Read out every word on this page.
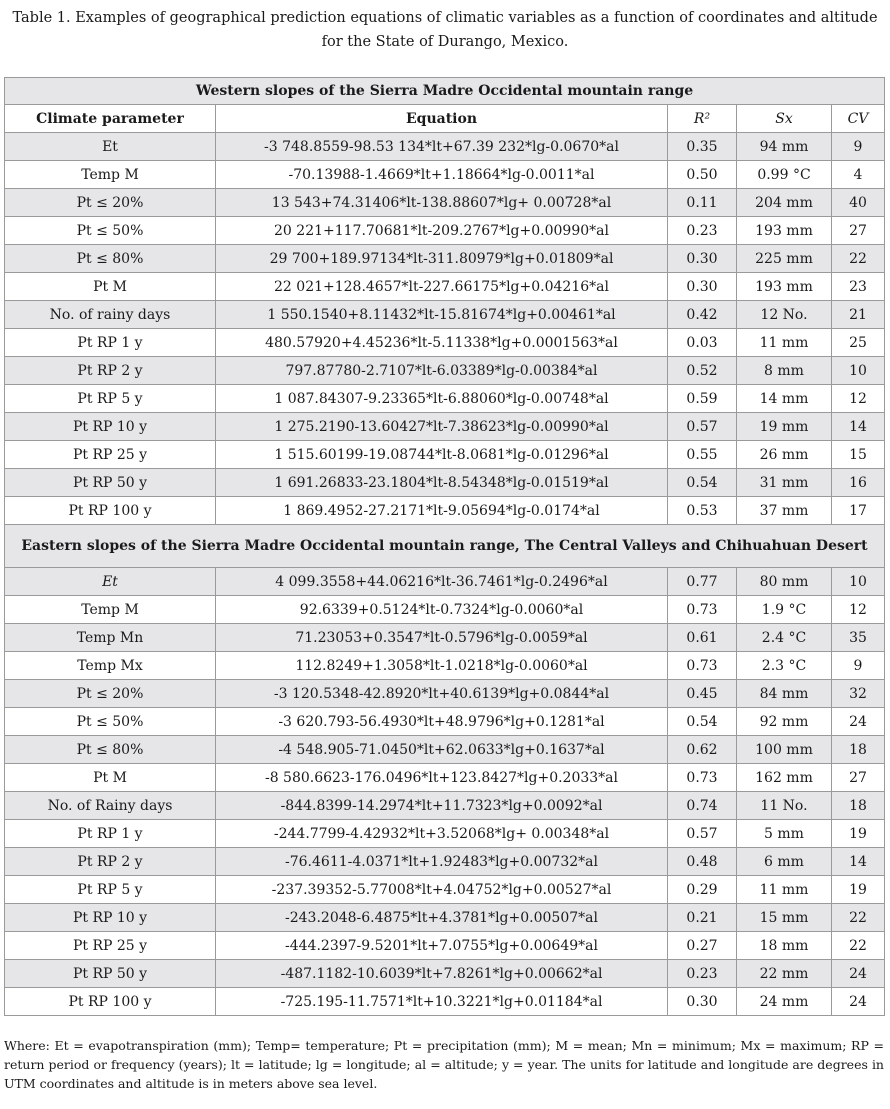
Table 1. Examples of geographical prediction equations of climatic variables as a function of coordinates and altitude for the State of Durango, Mexico.
Western slopes of the Sierra Madre Occidental mountain range				
Climate parameter	Equation	R²	Sx	CV
Et	-3 748.8559-98.53 134*lt+67.39 232*lg-0.0670*al	0.35	94 mm	9
Temp M	-70.13988-1.4669*lt+1.18664*lg-0.0011*al	0.50	0.99 °C	4
Pt ≤ 20%	13 543+74.31406*lt-138.88607*lg+ 0.00728*al	0.11	204 mm	40
Pt ≤ 50%	20 221+117.70681*lt-209.2767*lg+0.00990*al	0.23	193 mm	27
Pt ≤ 80%	29 700+189.97134*lt-311.80979*lg+0.01809*al	0.30	225 mm	22
Pt M	22 021+128.4657*lt-227.66175*lg+0.04216*al	0.30	193 mm	23
No. of rainy days	1 550.1540+8.11432*lt-15.81674*lg+0.00461*al	0.42	12 No.	21
Pt RP 1 y	480.57920+4.45236*lt-5.11338*lg+0.0001563*al	0.03	11 mm	25
Pt RP 2 y	797.87780-2.7107*lt-6.03389*lg-0.00384*al	0.52	8 mm	10
Pt RP 5 y	1 087.84307-9.23365*lt-6.88060*lg-0.00748*al	0.59	14 mm	12
Pt RP 10 y	1 275.2190-13.60427*lt-7.38623*lg-0.00990*al	0.57	19 mm	14
Pt RP 25 y	1 515.60199-19.08744*lt-8.0681*lg-0.01296*al	0.55	26 mm	15
Pt RP 50 y	1 691.26833-23.1804*lt-8.54348*lg-0.01519*al	0.54	31 mm	16
Pt RP 100 y	1 869.4952-27.2171*lt-9.05694*lg-0.0174*al	0.53	37 mm	17
Eastern slopes of the Sierra Madre Occidental mountain range, The Central Valleys and Chihuahuan Desert				
Et	4 099.3558+44.06216*lt-36.7461*lg-0.2496*al	0.77	80 mm	10
Temp M	92.6339+0.5124*lt-0.7324*lg-0.0060*al	0.73	1.9 °C	12
Temp Mn	71.23053+0.3547*lt-0.5796*lg-0.0059*al	0.61	2.4 °C	35
Temp Mx	112.8249+1.3058*lt-1.0218*lg-0.0060*al	0.73	2.3 °C	9
Pt ≤ 20%	-3 120.5348-42.8920*lt+40.6139*lg+0.0844*al	0.45	84 mm	32
Pt ≤ 50%	-3 620.793-56.4930*lt+48.9796*lg+0.1281*al	0.54	92 mm	24
Pt ≤ 80%	-4 548.905-71.0450*lt+62.0633*lg+0.1637*al	0.62	100 mm	18
Pt M	-8 580.6623-176.0496*lt+123.8427*lg+0.2033*al	0.73	162 mm	27
No. of Rainy days	-844.8399-14.2974*lt+11.7323*lg+0.0092*al	0.74	11 No.	18
Pt RP 1 y	-244.7799-4.42932*lt+3.52068*lg+ 0.00348*al	0.57	5 mm	19
Pt RP 2 y	-76.4611-4.0371*lt+1.92483*lg+0.00732*al	0.48	6 mm	14
Pt RP 5 y	-237.39352-5.77008*lt+4.04752*lg+0.00527*al	0.29	11 mm	19
Pt RP 10 y	-243.2048-6.4875*lt+4.3781*lg+0.00507*al	0.21	15 mm	22
Pt RP 25 y	-444.2397-9.5201*lt+7.0755*lg+0.00649*al	0.27	18 mm	22
Pt RP 50 y	-487.1182-10.6039*lt+7.8261*lg+0.00662*al	0.23	22 mm	24
Pt RP 100 y	-725.195-11.7571*lt+10.3221*lg+0.01184*al	0.30	24 mm	24
Where: Et = evapotranspiration (mm); Temp= temperature; Pt = precipitation (mm); M = mean; Mn = minimum; Mx = maximum; RP = return period or frequency (years); lt = latitude; lg = longitude; al = altitude; y = year. The units for latitude and longitude are degrees in UTM coordinates and altitude is in meters above sea level.
